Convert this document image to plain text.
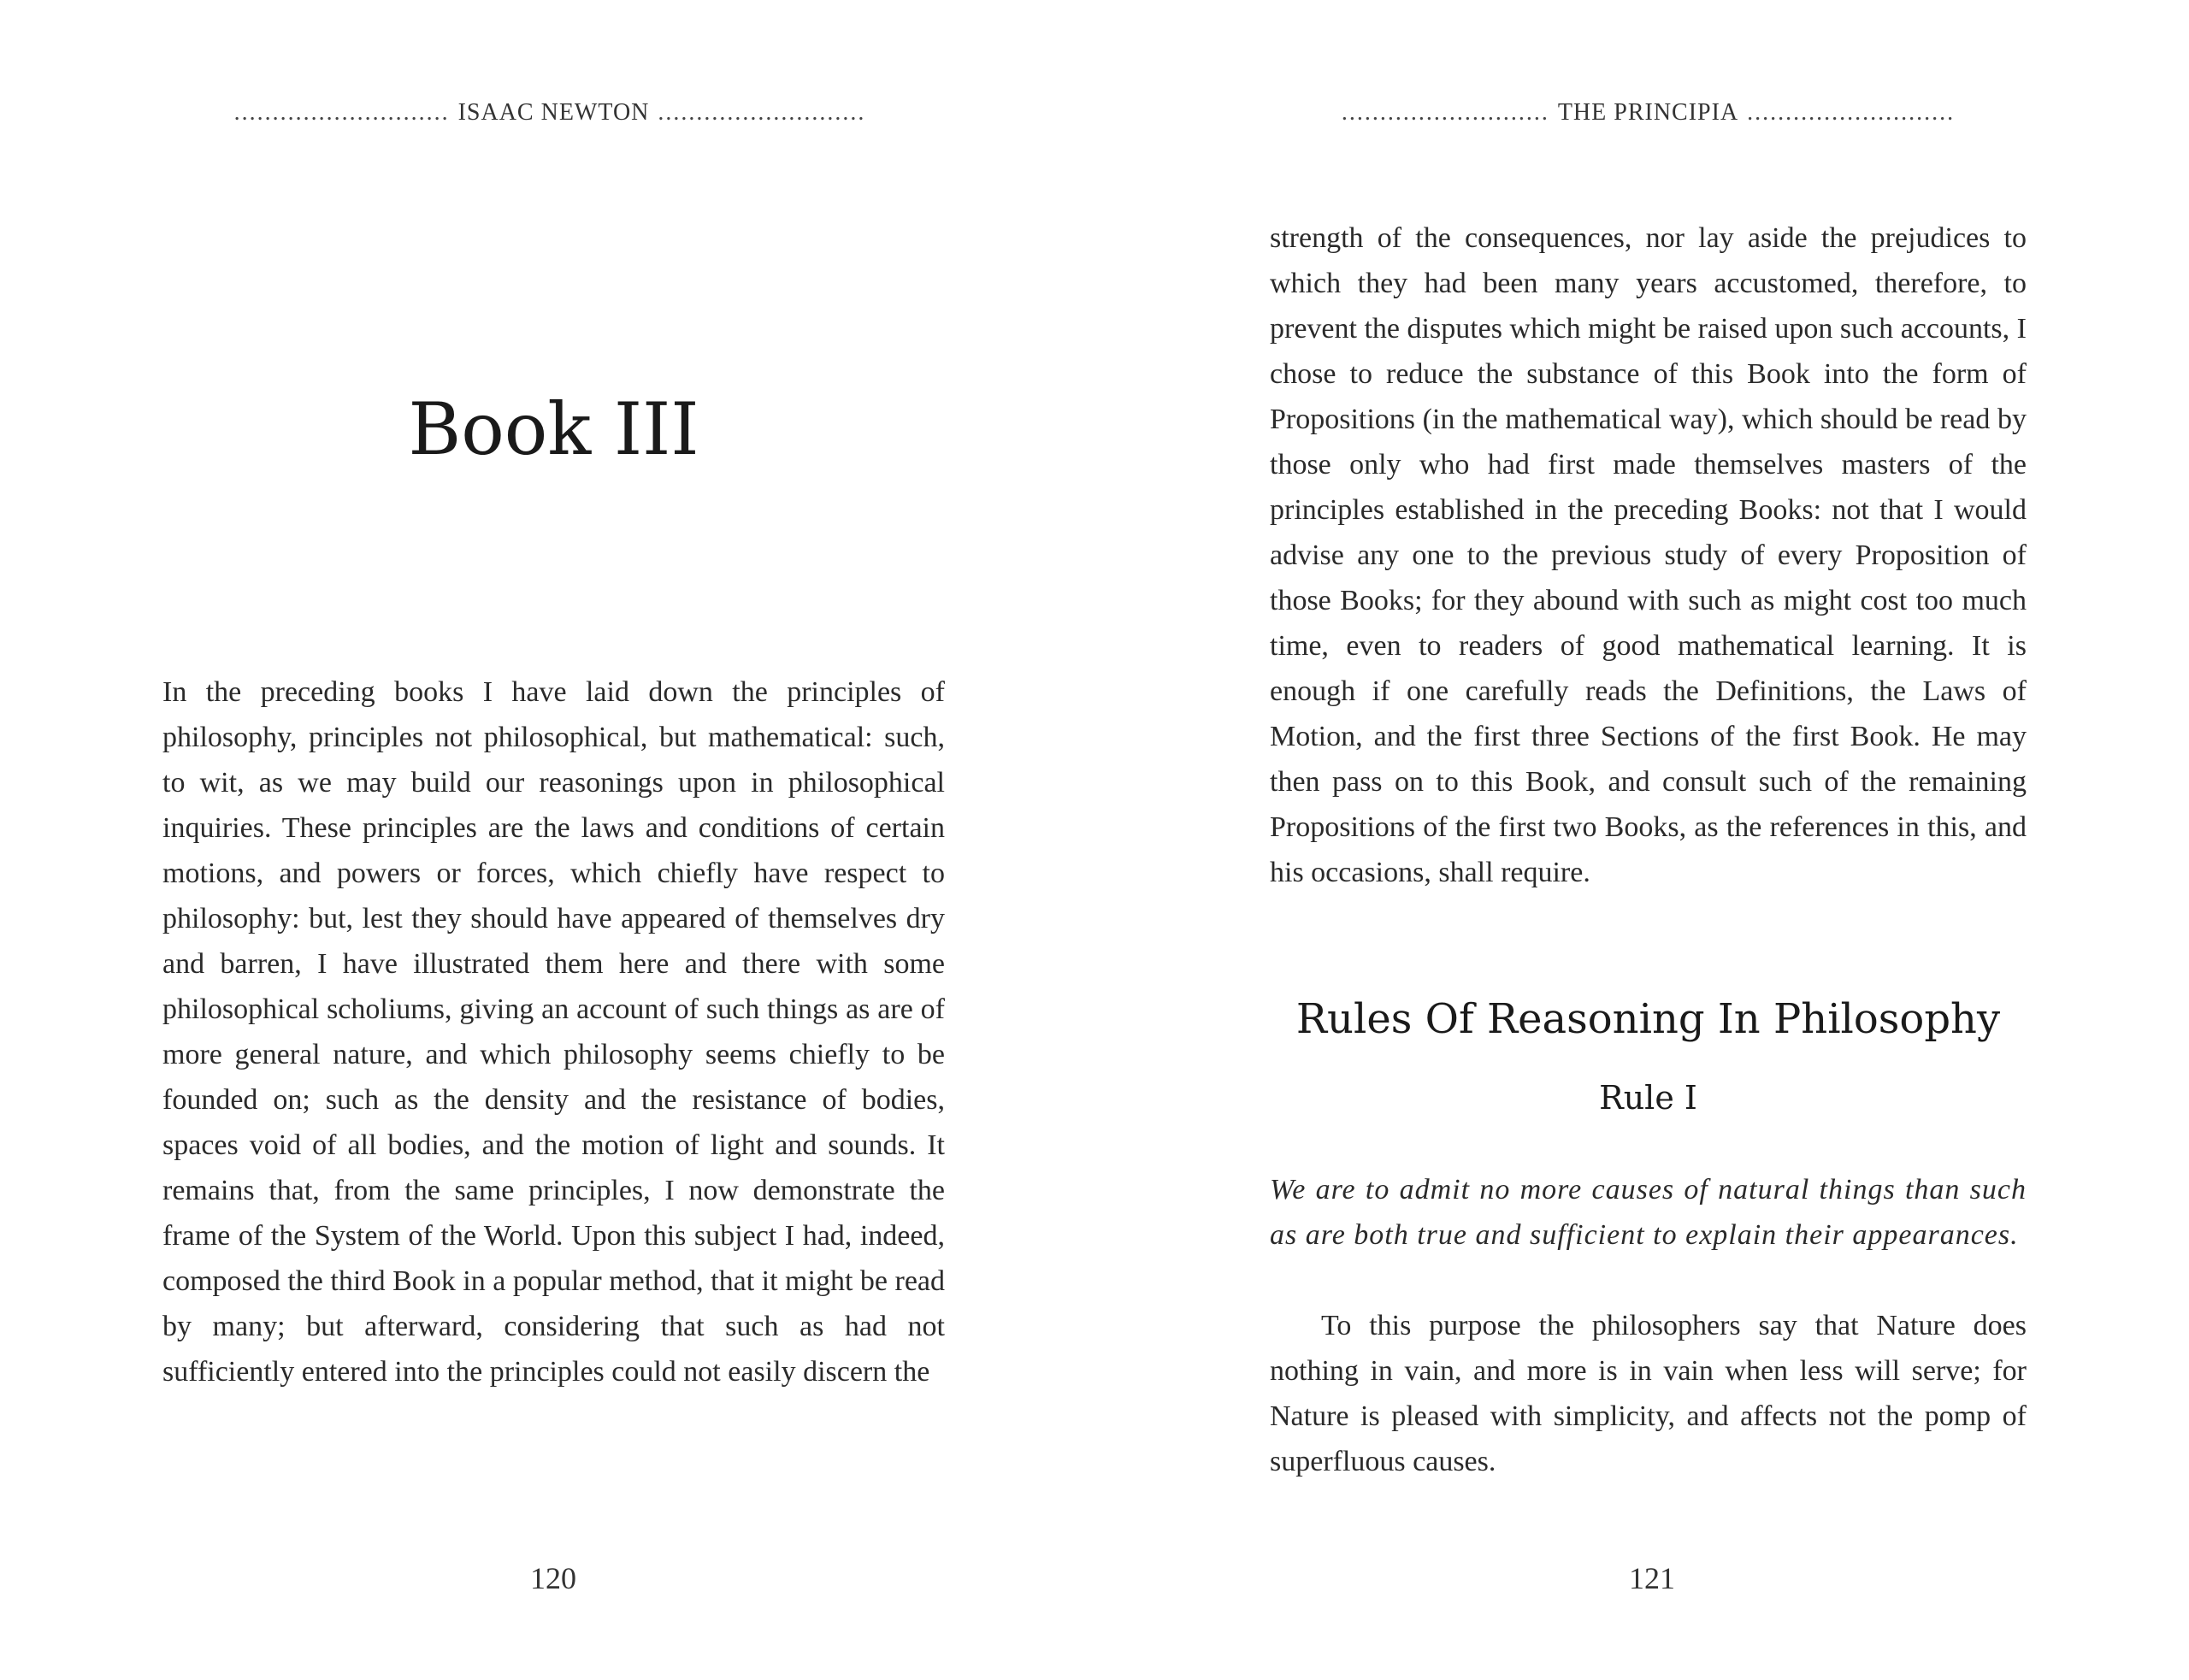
............................ ISAAC NEWTON ...........................
Book III

In the preceding books I have laid down the principles of philosophy, principles not philosophical, but mathematical: such, to wit, as we may build our reasonings upon in philosophical inquiries. These principles are the laws and conditions of certain motions, and powers or forces, which chiefly have respect to philosophy: but, lest they should have appeared of themselves dry and barren, I have illustrated them here and there with some philosophical scholiums, giving an account of such things as are of more general nature, and which philosophy seems chiefly to be founded on; such as the density and the resistance of bodies, spaces void of all bodies, and the motion of light and sounds. It remains that, from the same principles, I now demonstrate the frame of the System of the World. Upon this subject I had, indeed, composed the third Book in a popular method, that it might be read by many; but afterward, considering that such as had not sufficiently entered into the principles could not easily discern the

120
........................... THE PRINCIPIA ...........................

strength of the consequences, nor lay aside the prejudices to which they had been many years accustomed, therefore, to prevent the disputes which might be raised upon such accounts, I chose to reduce the substance of this Book into the form of Propositions (in the mathematical way), which should be read by those only who had first made themselves masters of the principles established in the preceding Books: not that I would advise any one to the previous study of every Proposition of those Books; for they abound with such as might cost too much time, even to readers of good mathematical learning. It is enough if one carefully reads the Definitions, the Laws of Motion, and the first three Sections of the first Book. He may then pass on to this Book, and consult such of the remaining Propositions of the first two Books, as the references in this, and his occasions, shall require.

Rules Of Reasoning In Philosophy
Rule I

We are to admit no more causes of natural things than such as are both true and sufficient to explain their appearances.

To this purpose the philosophers say that Nature does nothing in vain, and more is in vain when less will serve; for Nature is pleased with simplicity, and affects not the pomp of superfluous causes.

121
